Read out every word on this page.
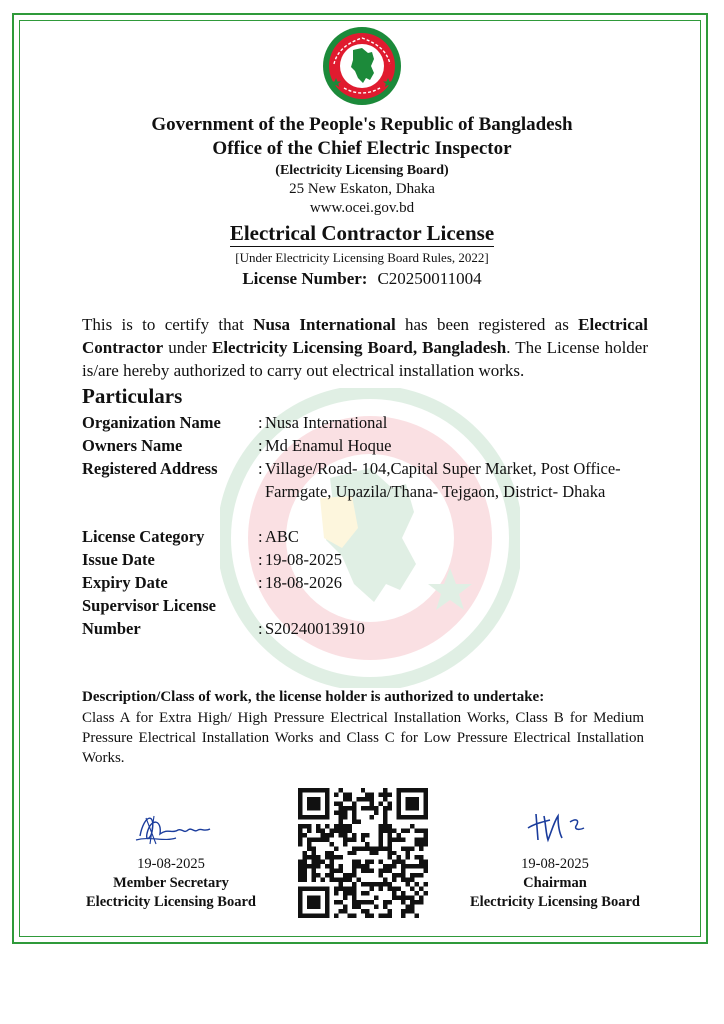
Government of the People's Republic of Bangladesh
Office of the Chief Electric Inspector
(Electricity Licensing Board)
25 New Eskaton, Dhaka
www.ocei.gov.bd
Electrical Contractor License
[Under Electricity Licensing Board Rules, 2022]
License Number: C20250011004
This is to certify that Nusa International has been registered as Electrical Contractor under Electricity Licensing Board, Bangladesh. The License holder is/are hereby authorized to carry out electrical installation works.
Particulars
Organization Name	: Nusa International
Owners Name	: Md Enamul Hoque
Registered Address	: Village/Road- 104,Capital Super Market, Post Office- Farmgate, Upazila/Thana- Tejgaon, District- Dhaka
License Category	: ABC
Issue Date	: 19-08-2025
Expiry Date	: 18-08-2026
Supervisor License Number	: S20240013910
Description/Class of work, the license holder is authorized to undertake:
Class A for Extra High/ High Pressure Electrical Installation Works, Class B for Medium Pressure Electrical Installation Works and Class C for Low Pressure Electrical Installation Works.
19-08-2025
Member Secretary
Electricity Licensing Board
19-08-2025
Chairman
Electricity Licensing Board
